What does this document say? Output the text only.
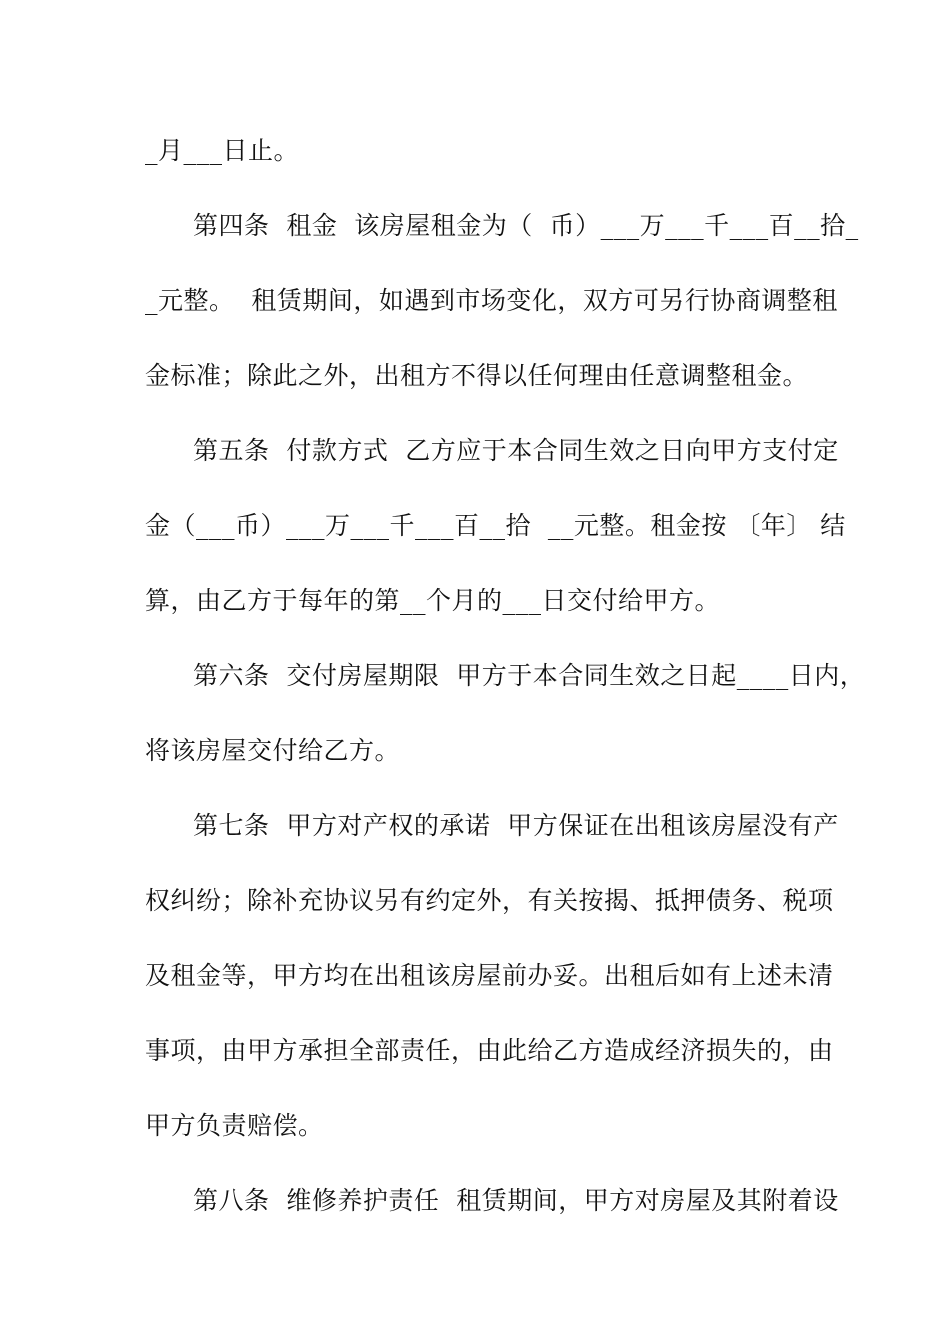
_月___日止。
第四条  租金  该房屋租金为（  币）___万___千___百__拾_
_元整。  租赁期间，如遇到市场变化，双方可另行协商调整租
金标准；除此之外，出租方不得以任何理由任意调整租金。
第五条  付款方式  乙方应于本合同生效之日向甲方支付定
金（___币）___万___千___百__拾  __元整。租金按 〔年〕 结
算，由乙方于每年的第__个月的___日交付给甲方。
第六条  交付房屋期限  甲方于本合同生效之日起____日内，
将该房屋交付给乙方。
第七条  甲方对产权的承诺  甲方保证在出租该房屋没有产
权纠纷；除补充协议另有约定外，有关按揭、抵押债务、税项
及租金等，甲方均在出租该房屋前办妥。出租后如有上述未清
事项，由甲方承担全部责任，由此给乙方造成经济损失的，由
甲方负责赔偿。
第八条  维修养护责任  租赁期间，甲方对房屋及其附着设
